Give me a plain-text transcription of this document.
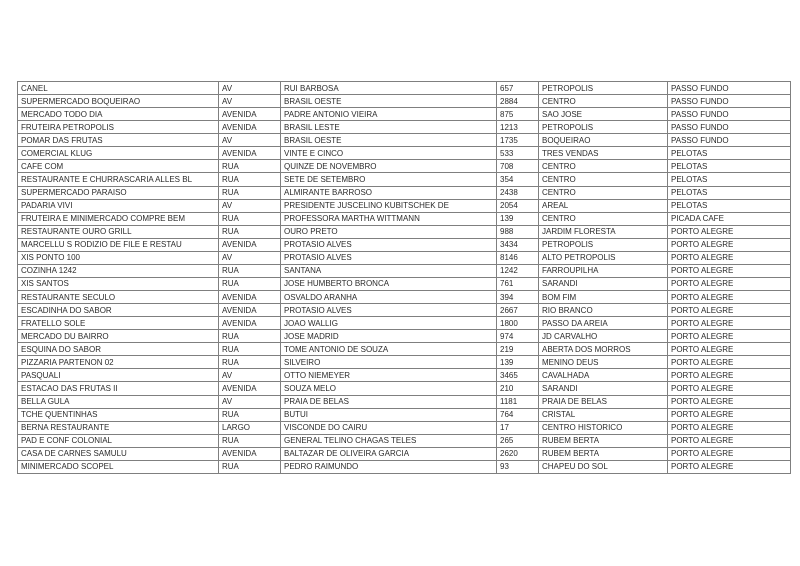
CANEL	AV	RUI BARBOSA	657	PETROPOLIS	PASSO FUNDO
SUPERMERCADO BOQUEIRAO	AV	BRASIL OESTE	2884	CENTRO	PASSO FUNDO
MERCADO TODO DIA	AVENIDA	PADRE ANTONIO VIEIRA	875	SAO JOSE	PASSO FUNDO
FRUTEIRA PETROPOLIS	AVENIDA	BRASIL LESTE	1213	PETROPOLIS	PASSO FUNDO
POMAR DAS FRUTAS	AV	BRASIL OESTE	1735	BOQUEIRAO	PASSO FUNDO
COMERCIAL KLUG	AVENIDA	VINTE E CINCO	533	TRES VENDAS	PELOTAS
CAFE COM	RUA	QUINZE DE NOVEMBRO	708	CENTRO	PELOTAS
RESTAURANTE E CHURRASCARIA ALLES BL	RUA	SETE DE SETEMBRO	354	CENTRO	PELOTAS
SUPERMERCADO PARAISO	RUA	ALMIRANTE BARROSO	2438	CENTRO	PELOTAS
PADARIA VIVI	AV	PRESIDENTE JUSCELINO KUBITSCHEK DE	2054	AREAL	PELOTAS
FRUTEIRA E MINIMERCADO COMPRE BEM	RUA	PROFESSORA MARTHA WITTMANN	139	CENTRO	PICADA CAFE
RESTAURANTE OURO GRILL	RUA	OURO PRETO	988	JARDIM FLORESTA	PORTO ALEGRE
MARCELLU S RODIZIO DE FILE E RESTAU	AVENIDA	PROTASIO ALVES	3434	PETROPOLIS	PORTO ALEGRE
XIS PONTO 100	AV	PROTASIO ALVES	8146	ALTO PETROPOLIS	PORTO ALEGRE
COZINHA 1242	RUA	SANTANA	1242	FARROUPILHA	PORTO ALEGRE
XIS SANTOS	RUA	JOSE HUMBERTO BRONCA	761	SARANDI	PORTO ALEGRE
RESTAURANTE SECULO	AVENIDA	OSVALDO ARANHA	394	BOM FIM	PORTO ALEGRE
ESCADINHA DO SABOR	AVENIDA	PROTASIO ALVES	2667	RIO BRANCO	PORTO ALEGRE
FRATELLO SOLE	AVENIDA	JOAO WALLIG	1800	PASSO DA AREIA	PORTO ALEGRE
MERCADO DU BAIRRO	RUA	JOSE MADRID	974	JD CARVALHO	PORTO ALEGRE
ESQUINA DO SABOR	RUA	TOME ANTONIO DE SOUZA	219	ABERTA DOS MORROS	PORTO ALEGRE
PIZZARIA PARTENON 02	RUA	SILVEIRO	139	MENINO DEUS	PORTO ALEGRE
PASQUALI	AV	OTTO NIEMEYER	3465	CAVALHADA	PORTO ALEGRE
ESTACAO DAS FRUTAS II	AVENIDA	SOUZA MELO	210	SARANDI	PORTO ALEGRE
BELLA GULA	AV	PRAIA DE BELAS	1181	PRAIA DE BELAS	PORTO ALEGRE
TCHE QUENTINHAS	RUA	BUTUI	764	CRISTAL	PORTO ALEGRE
BERNA RESTAURANTE	LARGO	VISCONDE DO CAIRU	17	CENTRO HISTORICO	PORTO ALEGRE
PAD E CONF COLONIAL	RUA	GENERAL TELINO CHAGAS TELES	265	RUBEM BERTA	PORTO ALEGRE
CASA DE CARNES SAMULU	AVENIDA	BALTAZAR DE OLIVEIRA GARCIA	2620	RUBEM BERTA	PORTO ALEGRE
MINIMERCADO SCOPEL	RUA	PEDRO RAIMUNDO	93	CHAPEU DO SOL	PORTO ALEGRE
